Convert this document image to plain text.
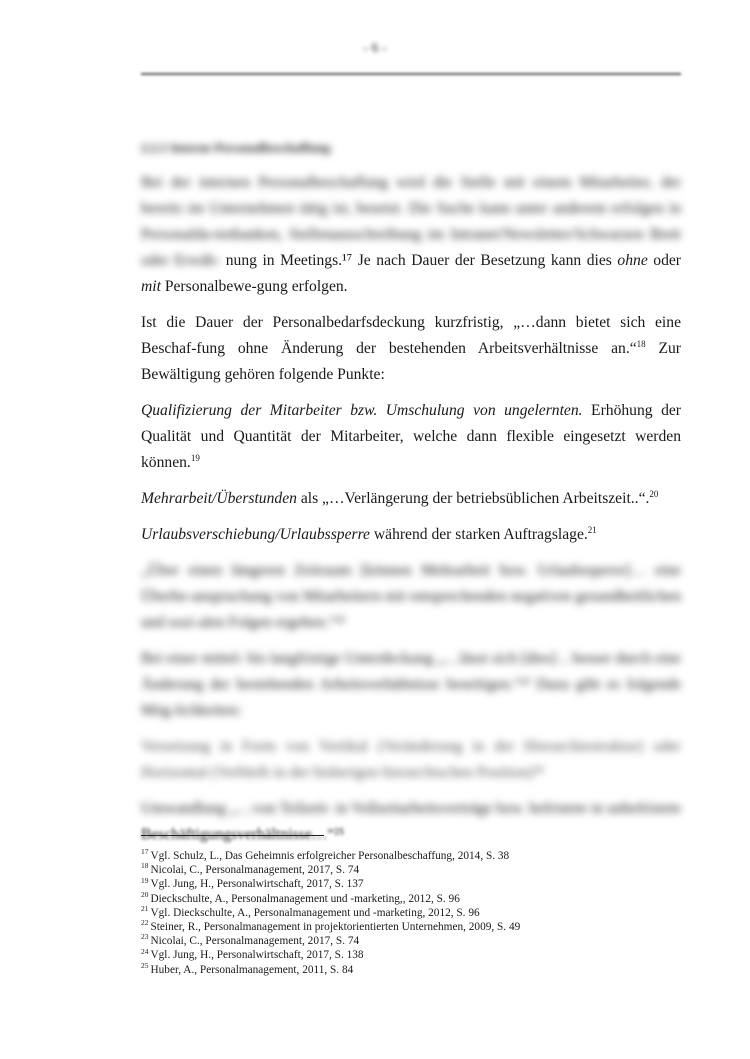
- 6 -
2.2.1 Interne Personalbeschaffung

Bei der internen Personalbeschaffung wird die Stelle mit einem Mitarbeiter, der bereits im Unternehmen tätig ist, besetzt. Die Suche kann unter anderem erfolgen in Personalda-tenbanken, Stellenausschreibung im Intranet/Newsletter/Schwarzen Brett oder Erwäh- nung in Meetings.¹⁷ Je nach Dauer der Besetzung kann dies ohne oder mit Personalbewe-gung erfolgen.

Ist die Dauer der Personalbedarfsdeckung kurzfristig, „…dann bietet sich eine Beschaf-fung ohne Änderung der bestehenden Arbeitsverhältnisse an.“$^{18}$ Zur Bewältigung gehören folgende Punkte:

Qualifizierung der Mitarbeiter bzw. Umschulung von ungelernten. Erhöhung der Qualität und Quantität der Mitarbeiter, welche dann flexible eingesetzt werden können.$^{19}$

Mehrarbeit/Überstunden als „…Verlängerung der betriebsüblichen Arbeitszeit..“.$^{20}$

Urlaubsverschiebung/Urlaubssperre während der starken Auftragslage.$^{21}$

„Über einen längeren Zeitraum [können Mehrarbeit bzw. Urlaubssperre]… eine Überbe-anspruchung von Mitarbeitern mit entsprechenden negativen gesundheitlichen und sozi-alen Folgen ergeben.“²²

Bei einer mittel- bis langfristige Unterdeckung „…lässt sich [dies] .. besser durch eine Änderung der bestehenden Arbeitsverhältnisse beseitigen.“²³ Dazu gibt es folgende Mög-lichkeiten:

Versetzung in Form von Vertikal (Veränderung in der Hierarchiestruktur) oder Horizontal (Verbleib in der bisherigen hierarchischen Position)²⁴

Umwandlung „…von Teilzeit- in Vollzeitarbeitsverträge bzw. befristete in unbefristete Beschäftigungsverhältnisse…“²⁵

$^{17}$ Vgl. Schulz, L., Das Geheimnis erfolgreicher Personalbeschaffung, 2014, S. 38
$^{18}$ Nicolai, C., Personalmanagement, 2017, S. 74
$^{19}$ Vgl. Jung, H., Personalwirtschaft, 2017, S. 137
$^{20}$ Dieckschulte, A., Personalmanagement und -marketing,, 2012, S. 96
$^{21}$ Vgl. Dieckschulte, A., Personalmanagement und -marketing, 2012, S. 96
$^{22}$ Steiner, R., Personalmanagement in projektorientierten Unternehmen, 2009, S. 49
$^{23}$ Nicolai, C., Personalmanagement, 2017, S. 74
$^{24}$ Vgl. Jung, H., Personalwirtschaft, 2017, S. 138
$^{25}$ Huber, A., Personalmanagement, 2011, S. 84
